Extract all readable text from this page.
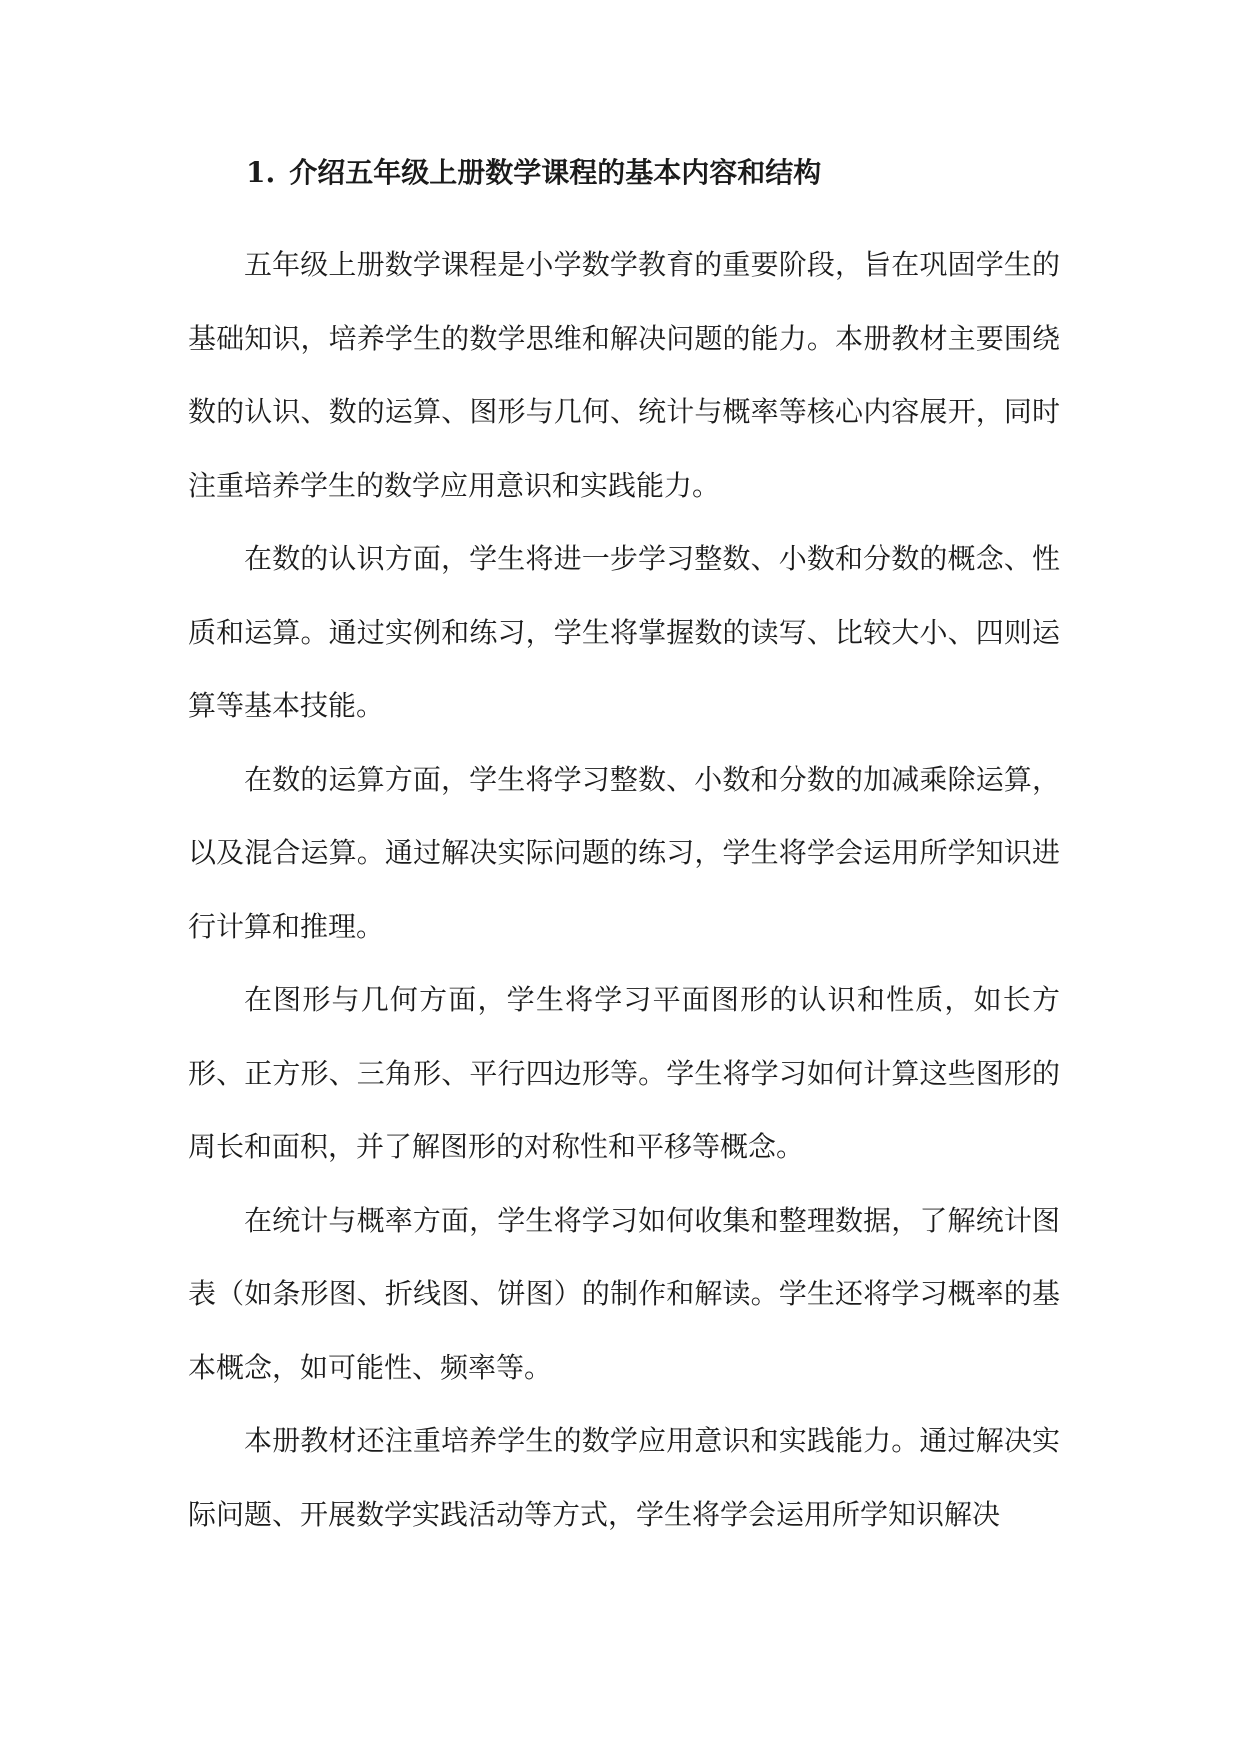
1. 介绍五年级上册数学课程的基本内容和结构

五年级上册数学课程是小学数学教育的重要阶段，旨在巩固学生的基础知识，培养学生的数学思维和解决问题的能力。本册教材主要围绕数的认识、数的运算、图形与几何、统计与概率等核心内容展开，同时注重培养学生的数学应用意识和实践能力。

在数的认识方面，学生将进一步学习整数、小数和分数的概念、性质和运算。通过实例和练习，学生将掌握数的读写、比较大小、四则运算等基本技能。

在数的运算方面，学生将学习整数、小数和分数的加减乘除运算，以及混合运算。通过解决实际问题的练习，学生将学会运用所学知识进行计算和推理。

在图形与几何方面，学生将学习平面图形的认识和性质，如长方形、正方形、三角形、平行四边形等。学生将学习如何计算这些图形的周长和面积，并了解图形的对称性和平移等概念。

在统计与概率方面，学生将学习如何收集和整理数据，了解统计图表（如条形图、折线图、饼图）的制作和解读。学生还将学习概率的基本概念，如可能性、频率等。

本册教材还注重培养学生的数学应用意识和实践能力。通过解决实际问题、开展数学实践活动等方式，学生将学会运用所学知识解决
